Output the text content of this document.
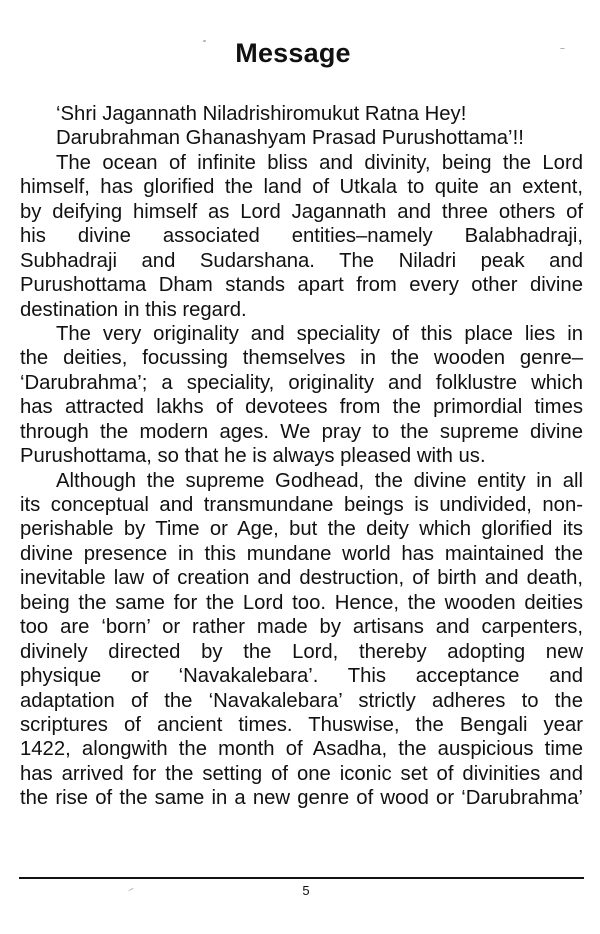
Message
‘Shri Jagannath Niladrishiromukut Ratna Hey!
Darubrahman Ghanashyam Prasad Purushottama’!!
The ocean of infinite bliss and divinity, being the Lord
himself, has glorified the land of Utkala to quite an extent,
by deifying himself as Lord Jagannath and three others of
his divine associated entities–namely Balabhadraji,
Subhadraji and Sudarshana. The Niladri peak and
Purushottama Dham stands apart from every other divine
destination in this regard.
The very originality and speciality of this place lies in
the deities, focussing themselves in the wooden genre–
‘Darubrahma’; a speciality, originality and folklustre which
has attracted lakhs of devotees from the primordial times
through the modern ages. We pray to the supreme divine
Purushottama, so that he is always pleased with us.
Although the supreme Godhead, the divine entity in all
its conceptual and transmundane beings is undivided, non-
perishable by Time or Age, but the deity which glorified its
divine presence in this mundane world has maintained the
inevitable law of creation and destruction, of birth and death,
being the same for the Lord too. Hence, the wooden deities
too are ‘born’ or rather made by artisans and carpenters,
divinely directed by the Lord, thereby adopting new
physique or ‘Navakalebara’. This acceptance and
adaptation of the ‘Navakalebara’ strictly adheres to the
scriptures of ancient times. Thuswise, the Bengali year
1422, alongwith the month of Asadha, the auspicious time
has arrived for the setting of one iconic set of divinities and
the rise of the same in a new genre of wood or ‘Darubrahma’
5
